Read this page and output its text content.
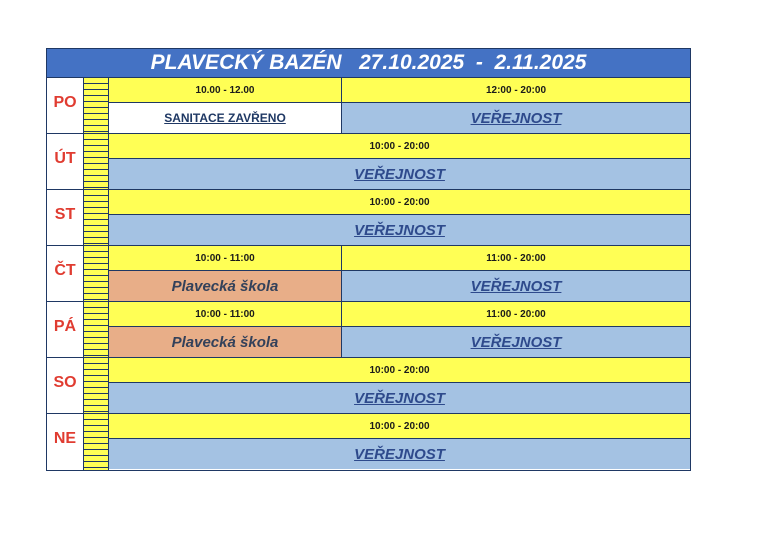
PLAVECKÝ BAZÉN   27.10.2025  -  2.11.2025
PO
10.00 - 12.00	12:00 - 20:00
SANITACE ZAVŘENO	VEŘEJNOST
ÚT
10:00 - 20:00
VEŘEJNOST
ST
10:00 - 20:00
VEŘEJNOST
ČT
10:00 - 11:00	11:00 - 20:00
Plavecká škola	VEŘEJNOST
PÁ
10:00 - 11:00	11:00 - 20:00
Plavecká škola	VEŘEJNOST
SO
10:00 - 20:00
VEŘEJNOST
NE
10:00 - 20:00
VEŘEJNOST
